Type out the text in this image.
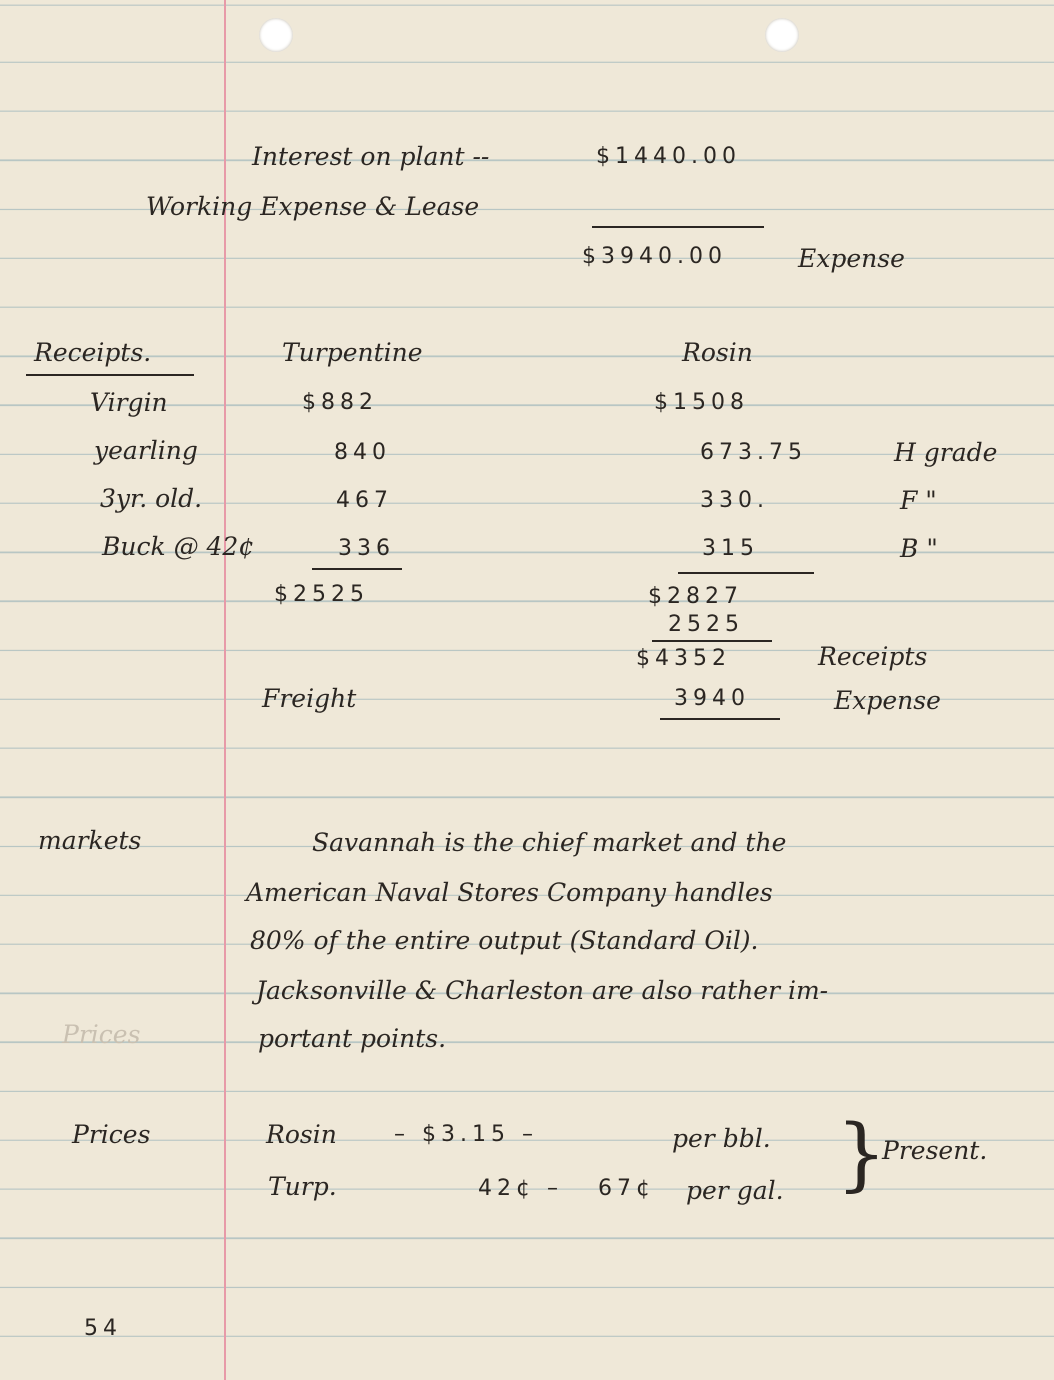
Interest on plant --	$1440.00
Working Expense & Lease
$3940.00	Expense
Receipts.	Turpentine	Rosin
Virgin	$882	$1508
yearling	840	673.75	H grade
3yr. old.	467	330.	F "
Buck @ 42¢	336	315	B "
$2525	$2827
2525
$4352	Receipts
Freight	3940	Expense
markets	Savannah is the chief market and the
American Naval Stores Company handles
80% of the entire output (Standard Oil).
Jacksonville & Charleston are also rather im-
portant points.
Prices
Prices	Rosin	– $3.15 –	per bbl.
Turp.	42¢ – 67¢ per gal. }
Present.
54
